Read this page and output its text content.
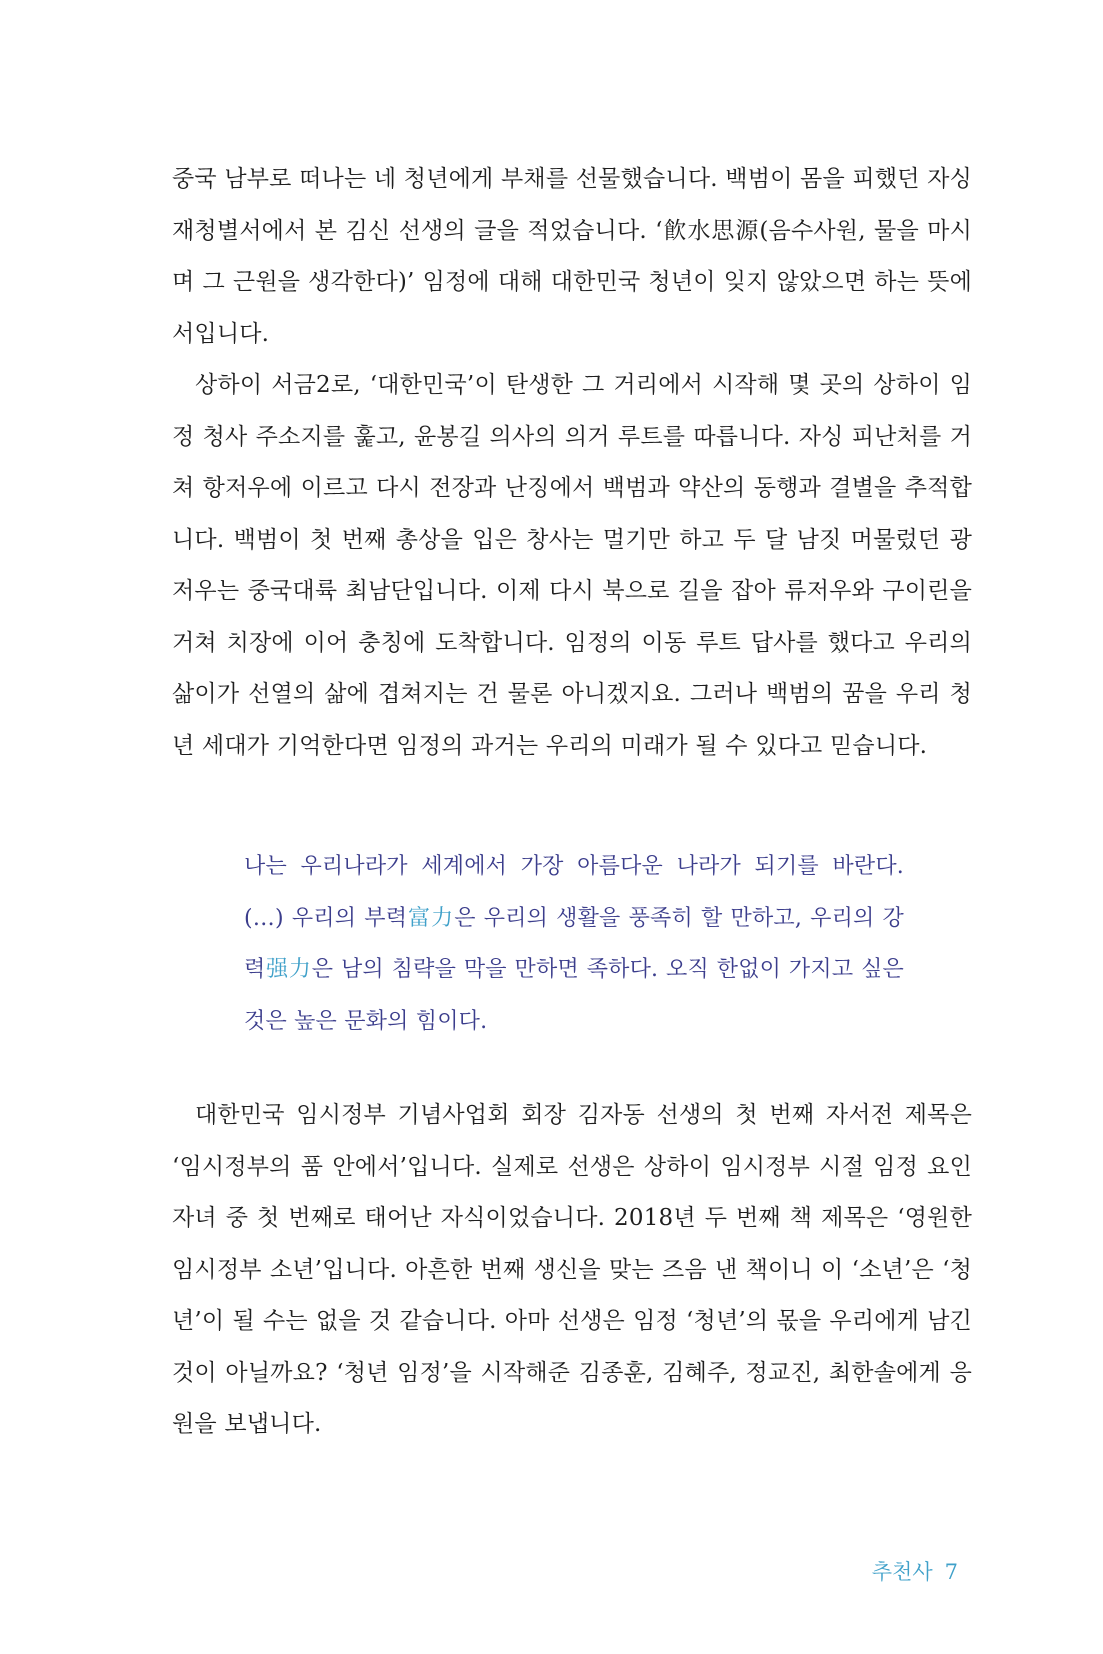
중국 남부로 떠나는 네 청년에게 부채를 선물했습니다. 백범이 몸을 피했던 자싱 재청별서에서 본 김신 선생의 글을 적었습니다. ‘飮水思源(음수사원, 물을 마시며 그 근원을 생각한다)’ 임정에 대해 대한민국 청년이 잊지 않았으면 하는 뜻에서입니다.

상하이 서금2로, ‘대한민국’이 탄생한 그 거리에서 시작해 몇 곳의 상하이 임정 청사 주소지를 훑고, 윤봉길 의사의 의거 루트를 따릅니다. 자싱 피난처를 거쳐 항저우에 이르고 다시 전장과 난징에서 백범과 약산의 동행과 결별을 추적합니다. 백범이 첫 번째 총상을 입은 창사는 멀기만 하고 두 달 남짓 머물렀던 광저우는 중국대륙 최남단입니다. 이제 다시 북으로 길을 잡아 류저우와 구이린을 거쳐 치장에 이어 충칭에 도착합니다. 임정의 이동 루트 답사를 했다고 우리의 삶이가 선열의 삶에 겹쳐지는 건 물론 아니겠지요. 그러나 백범의 꿈을 우리 청년 세대가 기억한다면 임정의 과거는 우리의 미래가 될 수 있다고 믿습니다.

나는 우리나라가 세계에서 가장 아름다운 나라가 되기를 바란다. (…) 우리의 부력富力은 우리의 생활을 풍족히 할 만하고, 우리의 강력强力은 남의 침략을 막을 만하면 족하다. 오직 한없이 가지고 싶은 것은 높은 문화의 힘이다.

대한민국 임시정부 기념사업회 회장 김자동 선생의 첫 번째 자서전 제목은 ‘임시정부의 품 안에서’입니다. 실제로 선생은 상하이 임시정부 시절 임정 요인 자녀 중 첫 번째로 태어난 자식이었습니다. 2018년 두 번째 책 제목은 ‘영원한 임시정부 소년’입니다. 아흔한 번째 생신을 맞는 즈음 낸 책이니 이 ‘소년’은 ‘청년’이 될 수는 없을 것 같습니다. 아마 선생은 임정 ‘청년’의 몫을 우리에게 남긴 것이 아닐까요? ‘청년 임정’을 시작해준 김종훈, 김혜주, 정교진, 최한솔에게 응원을 보냅니다.

추천사 7
